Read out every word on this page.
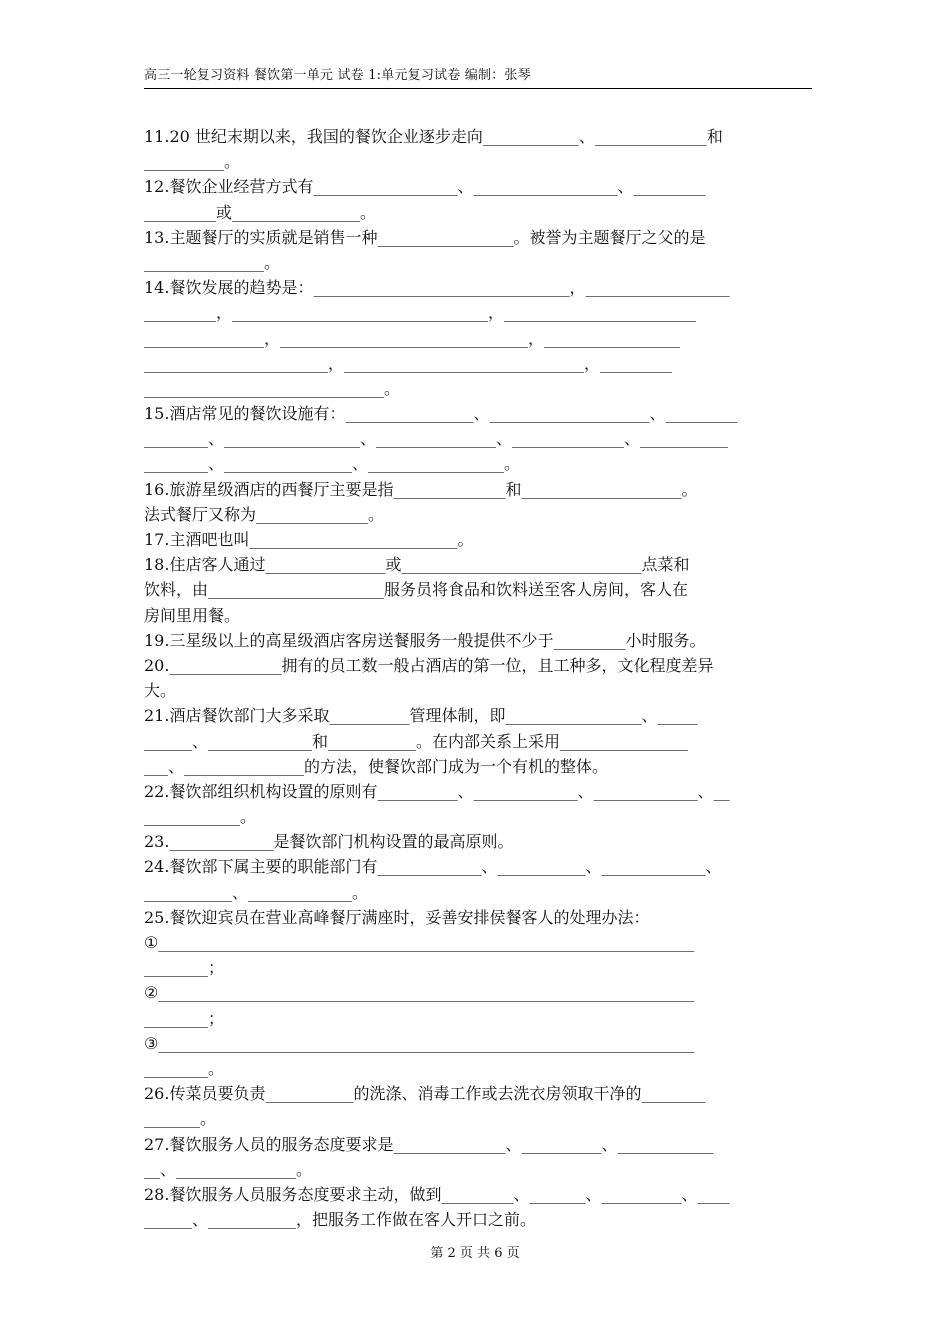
高三一轮复习资料 餐饮第一单元 试卷 1:单元复习试卷 编制：张琴
11.20 世纪末期以来，我国的餐饮企业逐步走向____________、______________和
__________。
12.餐饮企业经营方式有__________________、__________________、_________
_________或________________。
13.主题餐厅的实质就是销售一种_________________。被誉为主题餐厅之父的是
_______________。
14.餐饮发展的趋势是：________________________________，__________________
_________，________________________________，________________________
_______________，_______________________________，_________________
_______________________，______________________________，_________
______________________________。
15.酒店常见的餐饮设施有：________________、____________________、_________
________、_________________、_______________、______________、___________
________、________________、_________________。
16.旅游星级酒店的西餐厅主要是指______________和____________________。
法式餐厅又称为______________。
17.主酒吧也叫__________________________。
18.住店客人通过_______________或______________________________点菜和
饮料，由______________________服务员将食品和饮料送至客人房间，客人在
房间里用餐。
19.三星级以上的高星级酒店客房送餐服务一般提供不少于_________小时服务。
20.______________拥有的员工数一般占酒店的第一位，且工种多，文化程度差异
大。
21.酒店餐饮部门大多采取__________管理体制，即_________________、_____
______、_____________和___________。在内部关系上采用________________
___、_______________的方法，使餐饮部门成为一个有机的整体。
22.餐饮部组织机构设置的原则有__________、_____________、_____________、__
____________。
23._____________是餐饮部门机构设置的最高原则。
24.餐饮部下属主要的职能部门有_____________、___________、_____________、
___________、_____________。
25.餐饮迎宾员在营业高峰餐厅满座时，妥善安排侯餐客人的处理办法：
①___________________________________________________________________
________；
②___________________________________________________________________
________；
③___________________________________________________________________
________。
26.传菜员要负责___________的洗涤、消毒工作或去洗衣房领取干净的________
_______。
27.餐饮服务人员的服务态度要求是______________、__________、____________
__、_______________。
28.餐饮服务人员服务态度要求主动，做到_________、_______、__________、____
______、___________，把服务工作做在客人开口之前。
第 2 页 共 6 页
